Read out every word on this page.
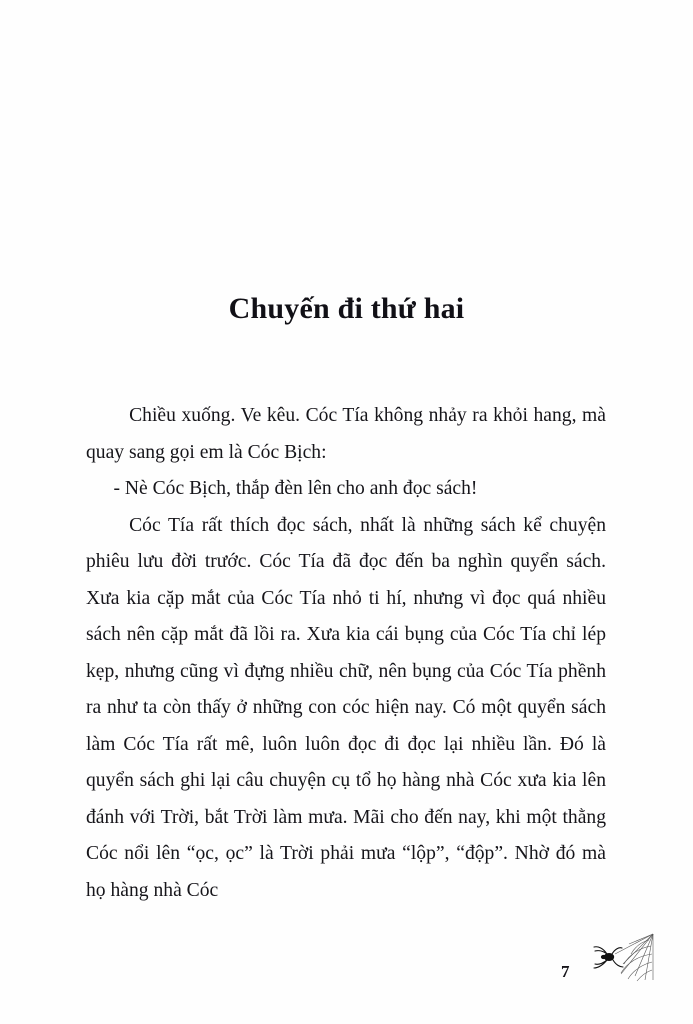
Chuyến đi thứ hai

Chiều xuống. Ve kêu. Cóc Tía không nhảy ra khỏi hang, mà quay sang gọi em là Cóc Bịch:

- Nè Cóc Bịch, thắp đèn lên cho anh đọc sách!

Cóc Tía rất thích đọc sách, nhất là những sách kể chuyện phiêu lưu đời trước. Cóc Tía đã đọc đến ba nghìn quyển sách. Xưa kia cặp mắt của Cóc Tía nhỏ ti hí, nhưng vì đọc quá nhiều sách nên cặp mắt đã lồi ra. Xưa kia cái bụng của Cóc Tía chỉ lép kẹp, nhưng cũng vì đựng nhiều chữ, nên bụng của Cóc Tía phềnh ra như ta còn thấy ở những con cóc hiện nay. Có một quyển sách làm Cóc Tía rất mê, luôn luôn đọc đi đọc lại nhiều lần. Đó là quyển sách ghi lại câu chuyện cụ tổ họ hàng nhà Cóc xưa kia lên đánh với Trời, bắt Trời làm mưa. Mãi cho đến nay, khi một thằng Cóc nổi lên “ọc, ọc” là Trời phải mưa “lộp”, “độp”. Nhờ đó mà họ hàng nhà Cóc

7
